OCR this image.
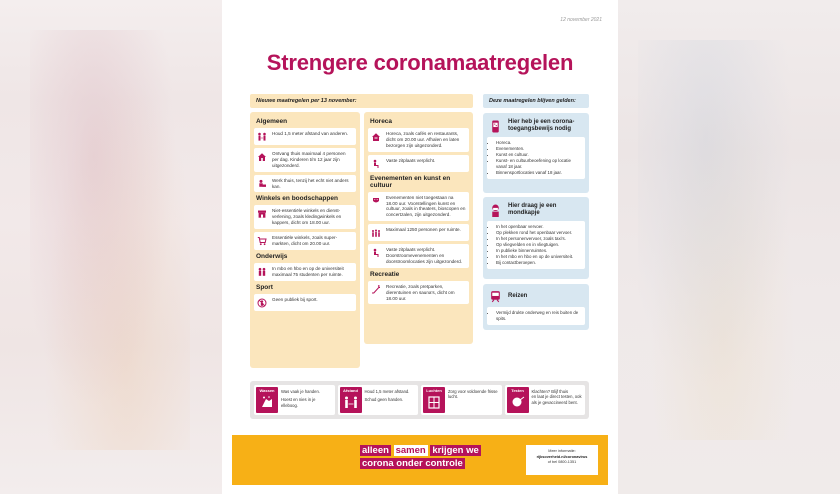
12 november 2021
Strengere coronamaatregelen
Nieuwe maatregelen per 13 november:	Deze maatregelen blijven gelden:
Algemeen
Houd 1,5 meter afstand van anderen.
Ontvang thuis maximaal 4 personen per dag. Kinderen t/m 12 jaar zijn uitgezonderd.
Werk thuis, tenzij het echt niet anders kan.
Winkels en boodschappen
Niet-essentiële winkels en dienst-verlening, zoals kledingwinkels en kappers, dicht om 18.00 uur.
Essentiële winkels, zoals super-markten, dicht om 20.00 uur.
Onderwijs
In mbo en hbo en op de universiteit maximaal 75 studenten per ruimte.
Sport
Geen publiek bij sport.
Horeca
Horeca, zoals cafés en restaurants, dicht om 20.00 uur. Afhalen en laten bezorgen zijn uitgezonderd.
Vaste zitplaats verplicht.
Evenementen en kunst en cultuur
Evenementen niet toegestaan na 18.00 uur. Voorstellingen kunst en cultuur, zoals in theaters, bioscopen en concertzalen, zijn uitgezonderd.
Maximaal 1250 personen per ruimte.
Vaste zitplaats verplicht. Doorstroomevenementen en doorstroomlocaties zijn uitgezonderd.
Recreatie
Recreatie, zoals pretparken, dierentuinen en sauna's, dicht om 18.00 uur.
Hier heb je een corona-toegangsbewijs nodig
• Horeca.
• Evenementen.
• Kunst en cultuur.
• Kunst- en cultuurbeoefening op locatie vanaf 18 jaar.
• Binnensportlocaties vanaf 18 jaar.
Hier draag je een mondkapje
• In het openbaar vervoer.
• Op plekken rond het openbaar vervoer.
• In het personenvervoer, zoals taxi's.
• Op vliegvelden en in vliegtuigen.
• In publieke binnenruimtes.
• In het mbo en hbo en op de universiteit.
• Bij contactberoepen.
Reizen
• Vermijd drukte onderweg en reis buiten de spits.
Wassen Was vaak je handen.
Hoest en nies in je elleboog.
Afstand Houd 1,5 meter afstand.
Schud geen handen.
Luchten Zorg voor voldoende frisse lucht.
Testen Klachten? Blijf thuis
en laat je direct testen, ook als je gevaccineerd bent.
alleen samen krijgen we
corona onder controle
Meer informatie:
rijksoverheid.nl/coronavirus
of bel 0800-1351
